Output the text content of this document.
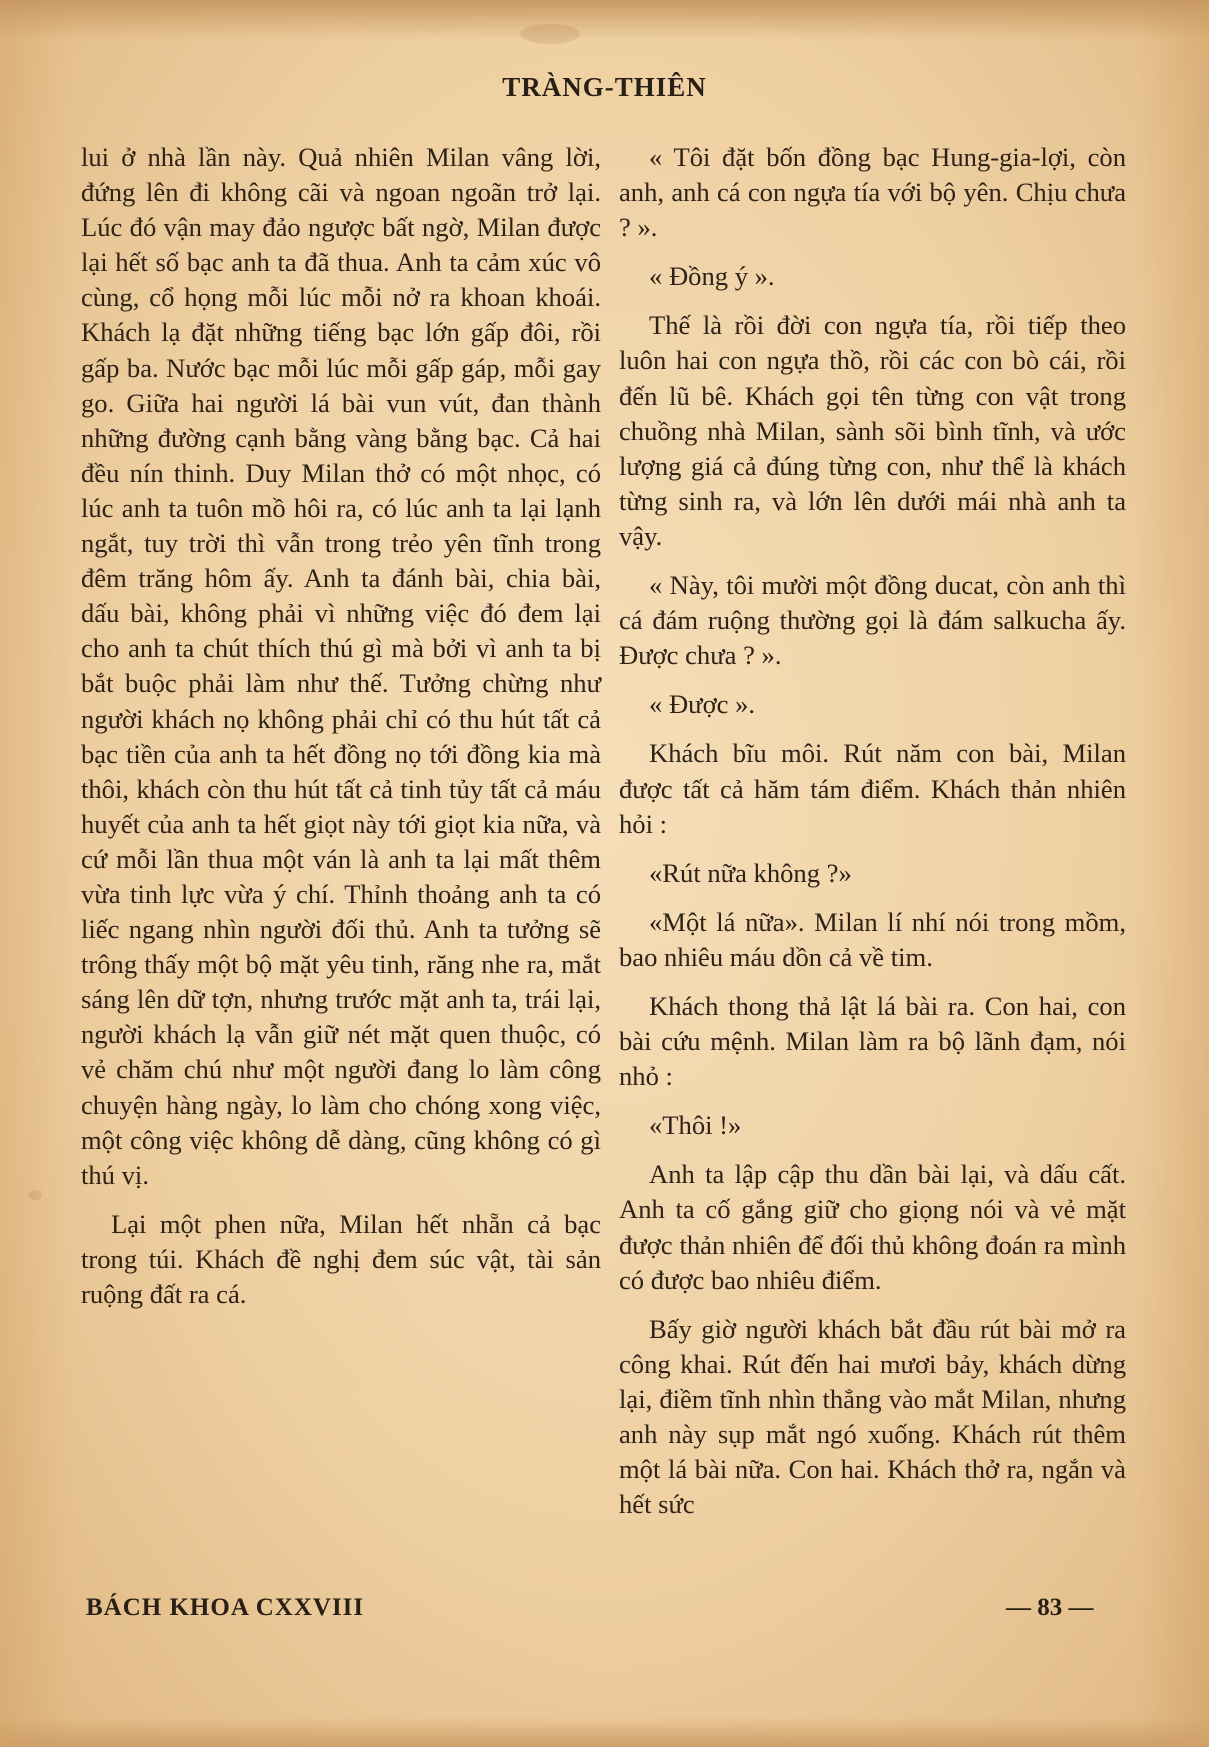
TRÀNG-THIÊN

lui ở nhà lần này. Quả nhiên Milan vâng lời, đứng lên đi không cãi và ngoan ngoãn trở lại. Lúc đó vận may đảo ngược bất ngờ, Milan được lại hết số bạc anh ta đã thua. Anh ta cảm xúc vô cùng, cổ họng mỗi lúc mỗi nở ra khoan khoái. Khách lạ đặt những tiếng bạc lớn gấp đôi, rồi gấp ba. Nước bạc mỗi lúc mỗi gấp gáp, mỗi gay go. Giữa hai người lá bài vun vút, đan thành những đường cạnh bằng vàng bằng bạc. Cả hai đều nín thinh. Duy Milan thở có một nhọc, có lúc anh ta tuôn mồ hôi ra, có lúc anh ta lại lạnh ngắt, tuy trời thì vẫn trong trẻo yên tĩnh trong đêm trăng hôm ấy. Anh ta đánh bài, chia bài, dấu bài, không phải vì những việc đó đem lại cho anh ta chút thích thú gì mà bởi vì anh ta bị bắt buộc phải làm như thế. Tưởng chừng như người khách nọ không phải chỉ có thu hút tất cả bạc tiền của anh ta hết đồng nọ tới đồng kia mà thôi, khách còn thu hút tất cả tinh tủy tất cả máu huyết của anh ta hết giọt này tới giọt kia nữa, và cứ mỗi lần thua một ván là anh ta lại mất thêm vừa tinh lực vừa ý chí. Thỉnh thoảng anh ta có liếc ngang nhìn người đối thủ. Anh ta tưởng sẽ trông thấy một bộ mặt yêu tinh, răng nhe ra, mắt sáng lên dữ tợn, nhưng trước mặt anh ta, trái lại, người khách lạ vẫn giữ nét mặt quen thuộc, có vẻ chăm chú như một người đang lo làm công chuyện hàng ngày, lo làm cho chóng xong việc, một công việc không dễ dàng, cũng không có gì thú vị.

Lại một phen nữa, Milan hết nhẵn cả bạc trong túi. Khách đề nghị đem súc vật, tài sản ruộng đất ra cá.

« Tôi đặt bốn đồng bạc Hung-gia-lợi, còn anh, anh cá con ngựa tía với bộ yên. Chịu chưa ? ».

« Đồng ý ».

Thế là rồi đời con ngựa tía, rồi tiếp theo luôn hai con ngựa thồ, rồi các con bò cái, rồi đến lũ bê. Khách gọi tên từng con vật trong chuồng nhà Milan, sành sõi bình tĩnh, và ước lượng giá cả đúng từng con, như thể là khách từng sinh ra, và lớn lên dưới mái nhà anh ta vậy.

« Này, tôi mười một đồng ducat, còn anh thì cá đám ruộng thường gọi là đám salkucha ấy. Được chưa ? ».

« Được ».

Khách bĩu môi. Rút năm con bài, Milan được tất cả hăm tám điểm. Khách thản nhiên hỏi :

«Rút nữa không ?»

«Một lá nữa». Milan lí nhí nói trong mồm, bao nhiêu máu dồn cả về tim.

Khách thong thả lật lá bài ra. Con hai, con bài cứu mệnh. Milan làm ra bộ lãnh đạm, nói nhỏ :

«Thôi !»

Anh ta lập cập thu dần bài lại, và dấu cất. Anh ta cố gắng giữ cho giọng nói và vẻ mặt được thản nhiên để đối thủ không đoán ra mình có được bao nhiêu điểm.

Bấy giờ người khách bắt đầu rút bài mở ra công khai. Rút đến hai mươi bảy, khách dừng lại, điềm tĩnh nhìn thẳng vào mắt Milan, nhưng anh này sụp mắt ngó xuống. Khách rút thêm một lá bài nữa. Con hai. Khách thở ra, ngắn và hết sức

BÁCH KHOA CXXVIII	— 83 —
